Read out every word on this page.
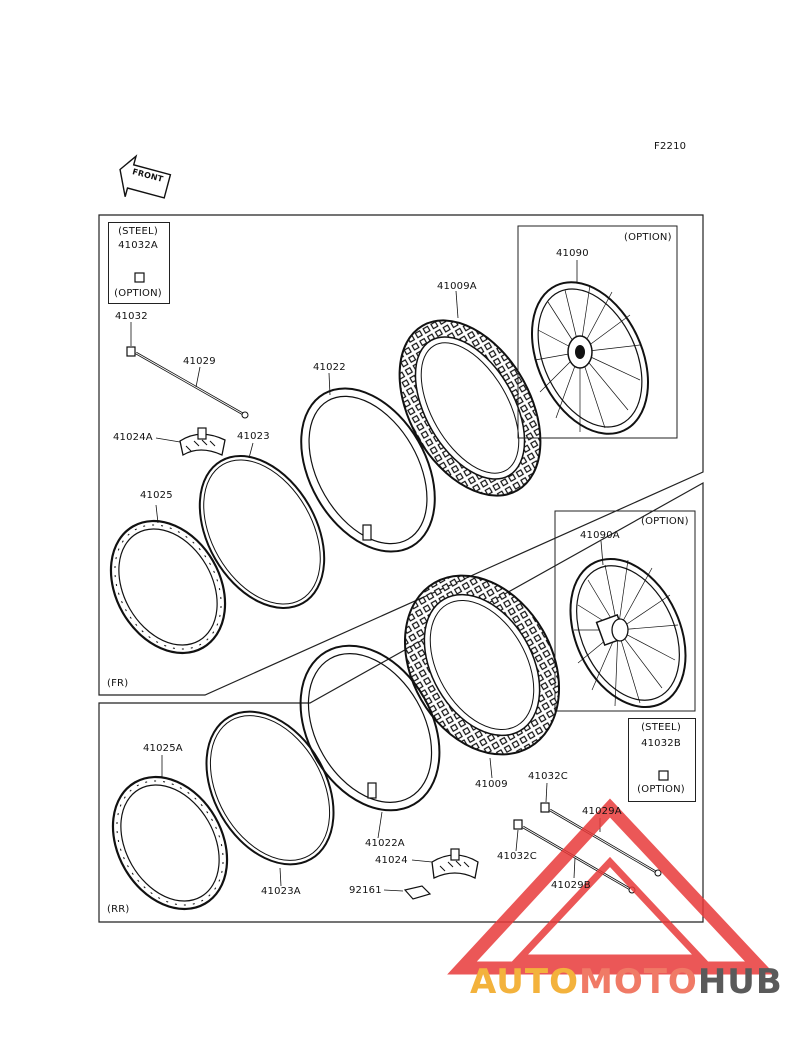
F2210
FRONT
(STEEL)
41032A
(OPTION)
41032
41029
41022
41009A
41090
(OPTION)
41024A	41023
41025
(FR)
(OPTION)
41090A
41025A
41009
41032C
(STEEL)
41032B
(OPTION)
41029A
41022A
41024	41032C
41029B
92161
41023A
(RR)
AUTOMOTOHUB
